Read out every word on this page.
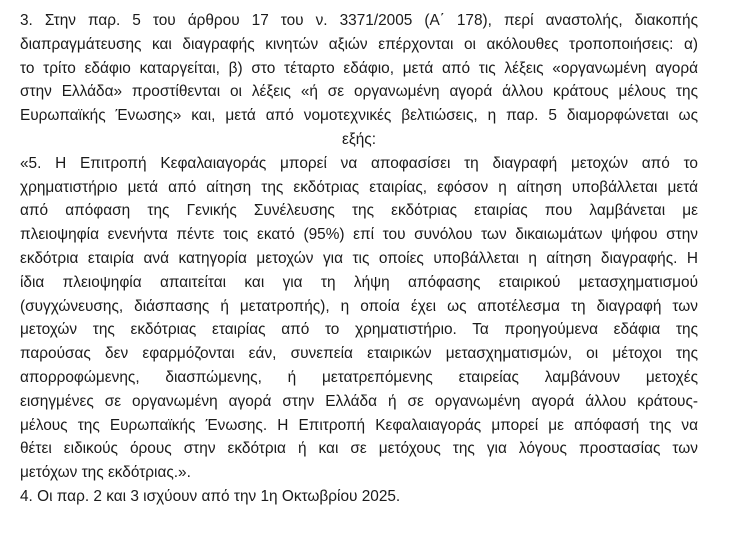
3. Στην παρ. 5 του άρθρου 17 του ν. 3371/2005 (Α΄ 178), περί αναστολής, διακοπής
διαπραγμάτευσης και διαγραφής κινητών αξιών επέρχονται οι ακόλουθες τροποποιήσεις: α)
το τρίτο εδάφιο καταργείται, β) στο τέταρτο εδάφιο, μετά από τις λέξεις «οργανωμένη αγορά
στην Ελλάδα» προστίθενται οι λέξεις «ή σε οργανωμένη αγορά άλλου κράτους μέλους της
Ευρωπαϊκής Ένωσης» και, μετά από νομοτεχνικές βελτιώσεις, η παρ. 5 διαμορφώνεται ως
εξής:
«5. Η Επιτροπή Κεφαλαιαγοράς μπορεί να αποφασίσει τη διαγραφή μετοχών από το
χρηματιστήριο μετά από αίτηση της εκδότριας εταιρίας, εφόσον η αίτηση υποβάλλεται μετά
από απόφαση της Γενικής Συνέλευσης της εκδότριας εταιρίας που λαμβάνεται με
πλειοψηφία ενενήντα πέντε τοις εκατό (95%) επί του συνόλου των δικαιωμάτων ψήφου στην
εκδότρια εταιρία ανά κατηγορία μετοχών για τις οποίες υποβάλλεται η αίτηση διαγραφής. Η
ίδια πλειοψηφία απαιτείται και για τη λήψη απόφασης εταιρικού μετασχηματισμού
(συγχώνευσης, διάσπασης ή μετατροπής), η οποία έχει ως αποτέλεσμα τη διαγραφή των
μετοχών της εκδότριας εταιρίας από το χρηματιστήριο. Τα προηγούμενα εδάφια της
παρούσας δεν εφαρμόζονται εάν, συνεπεία εταιρικών μετασχηματισμών, οι μέτοχοι της
απορροφώμενης, διασπώμενης, ή μετατρεπόμενης εταιρείας λαμβάνουν μετοχές
εισηγμένες σε οργανωμένη αγορά στην Ελλάδα ή σε οργανωμένη αγορά άλλου κράτους-
μέλους της Ευρωπαϊκής Ένωσης. Η Επιτροπή Κεφαλαιαγοράς μπορεί με απόφασή της να
θέτει ειδικούς όρους στην εκδότρια ή και σε μετόχους της για λόγους προστασίας των
μετόχων της εκδότριας.».
4. Οι παρ. 2 και 3 ισχύουν από την 1η Οκτωβρίου 2025.
